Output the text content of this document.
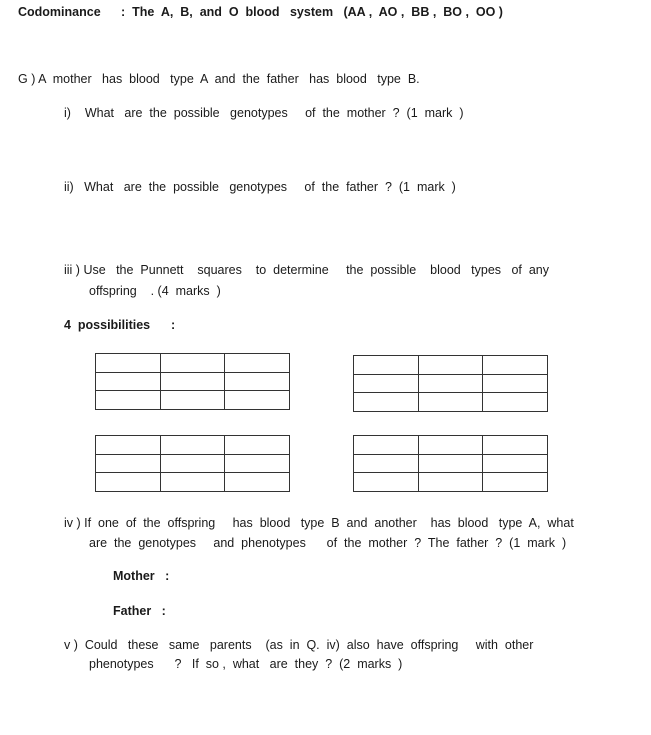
Codominance :  The  A,  B,  and  O  blood   system   (AA ,  AO ,  BB ,  BO ,  OO )
G ) A  mother   has  blood   type  A  and  the  father   has  blood   type  B.
i)    What   are  the  possible   genotypes     of  the  mother  ?  (1  mark  )
ii)   What   are  the  possible   genotypes     of  the  father  ?  (1  mark  )
iii ) Use   the  Punnett    squares    to  determine     the  possible    blood   types   of  any
offspring    . (4  marks  )
4  possibilities      :

iv ) If  one  of  the  offspring     has  blood   type  B  and  another    has  blood   type  A,  what
are  the  genotypes     and  phenotypes      of  the  mother  ?  The  father  ?  (1  mark  )
Mother   :
Father   :
v )  Could   these   same   parents    (as  in  Q.  iv)  also  have  offspring     with  other
phenotypes      ?   If  so ,  what   are  they  ?  (2  marks  )
